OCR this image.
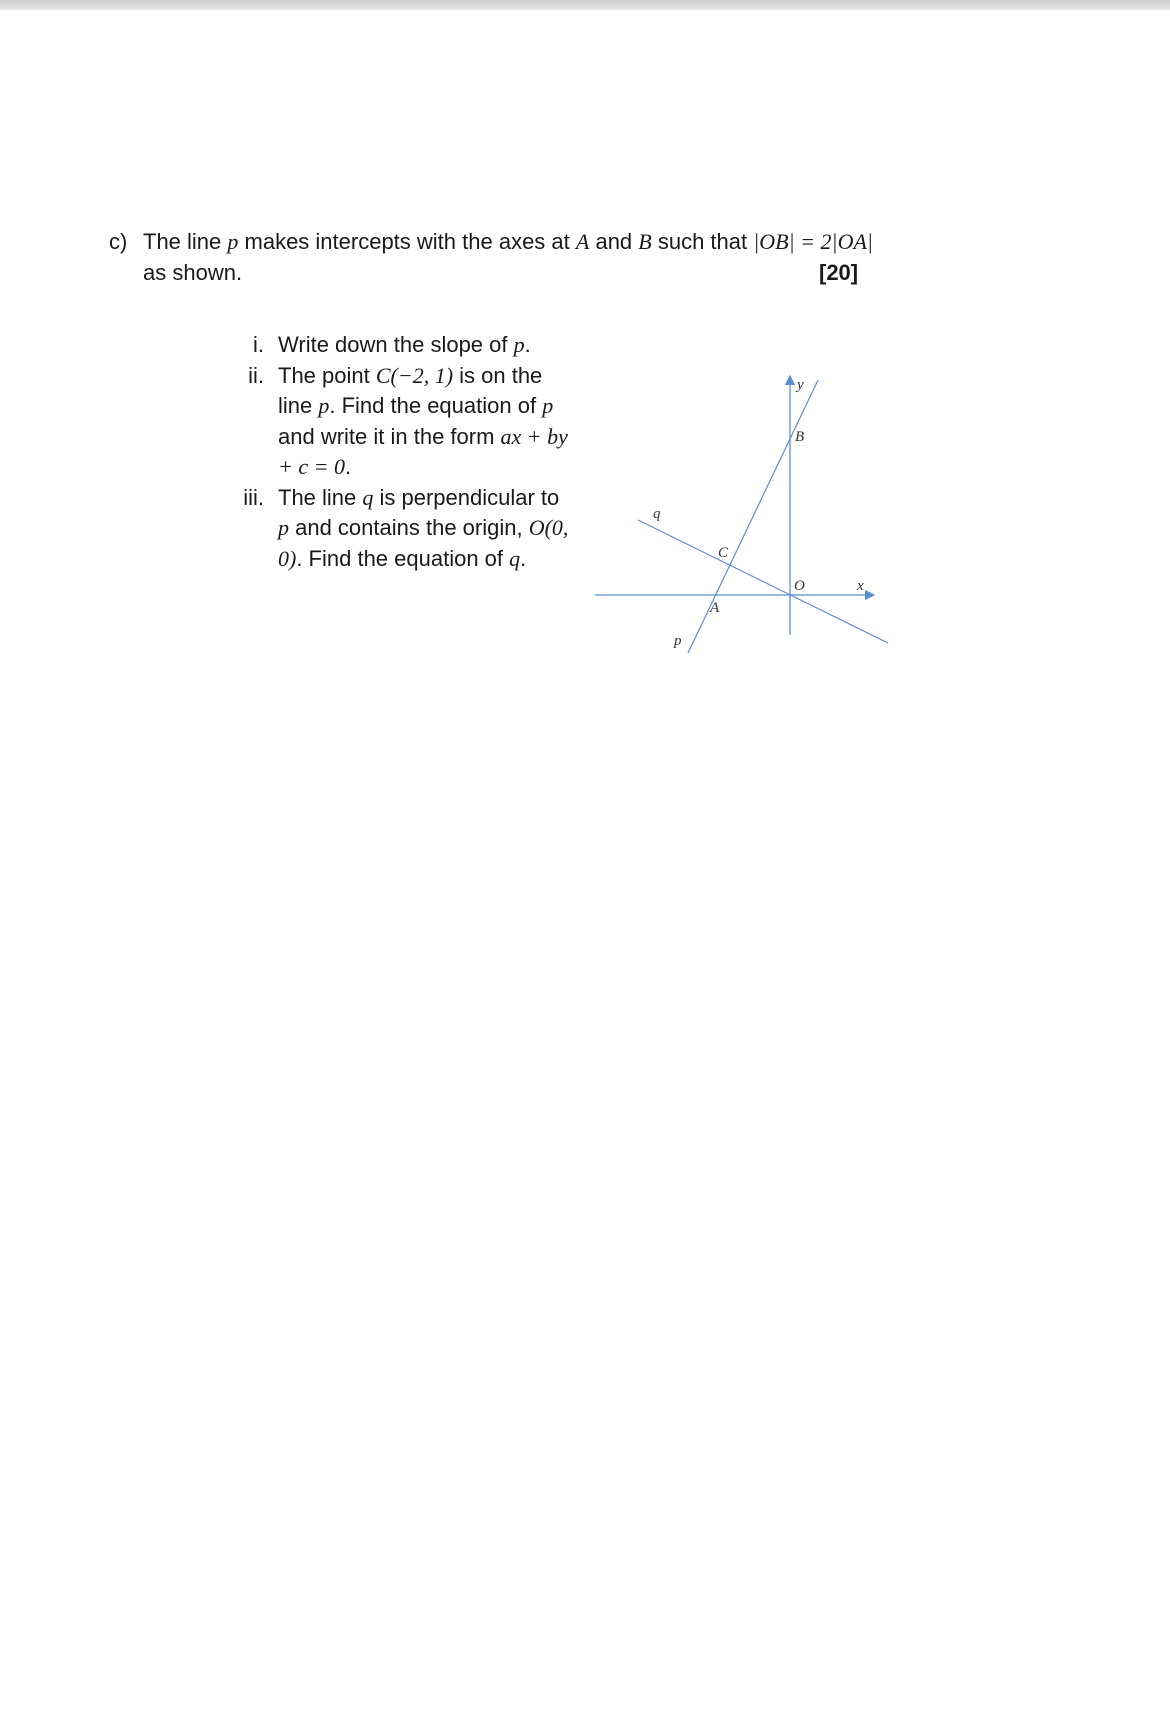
c) The line p makes intercepts with the axes at A and B such that |OB| = 2|OA|
as shown.	[20]
i. Write down the slope of p.
ii. The point C(−2, 1) is on the line p. Find the equation of p and write it in the form ax + by + c = 0.
iii. The line q is perpendicular to p and contains the origin, O(0, 0). Find the equation of q.
y
B
q
C
O	x
A
p
